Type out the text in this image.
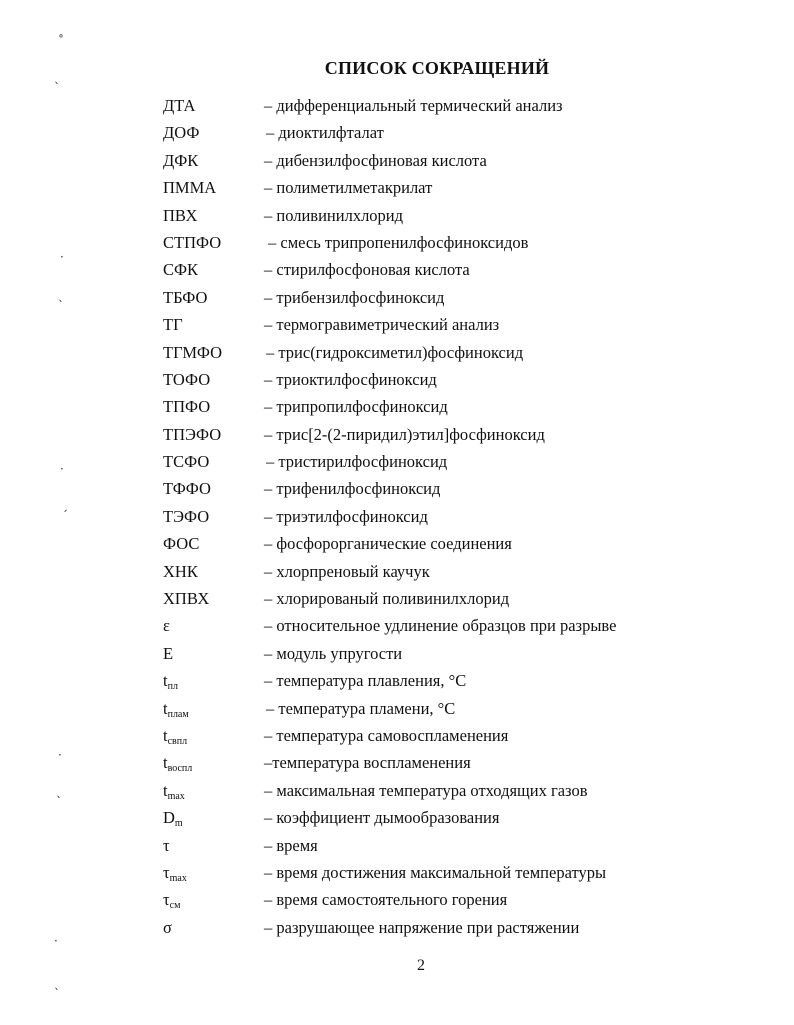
СПИСОК СОКРАЩЕНИЙ
ДТА	– дифференциальный термический анализ
ДОФ	– диоктилфталат
ДФК	– дибензилфосфиновая кислота
ПММА	– полиметилметакрилат
ПВХ	– поливинилхлорид
СТПФО	– смесь трипропенилфосфиноксидов
СФК	– стирилфосфоновая кислота
ТБФО	– трибензилфосфиноксид
ТГ	– термогравиметрический анализ
ТГМФО	– трис(гидроксиметил)фосфиноксид
ТОФО	– триоктилфосфиноксид
ТПФО	– трипропилфосфиноксид
ТПЭФО	– трис[2-(2-пиридил)этил]фосфиноксид
ТСФО	– тристирилфосфиноксид
ТФФО	– трифенилфосфиноксид
ТЭФО	– триэтилфосфиноксид
ФОС	– фосфорорганические соединения
ХНК	– хлорпреновый каучук
ХПВХ	– хлорированый поливинилхлорид
ε	– относительное удлинение образцов при разрыве
E	– модуль упругости
$t_{пл}$	– температура плавления, °С
$t_{плам}$	– температура пламени, °С
$t_{свпл}$	– температура самовоспламенения
$t_{воспл}$	–температура воспламенения
$t_{max}$	– максимальная температура отходящих газов
$D_m$	– коэффициент дымообразования
τ	– время
$\tau_{max}$	– время достижения максимальной температуры
$\tau_{см}$	– время самостоятельного горения
σ	– разрушающее напряжение при растяжении
2
˚
ˎ
·
ˎ
·
ˏ
·
ˎ
·
ˎ
